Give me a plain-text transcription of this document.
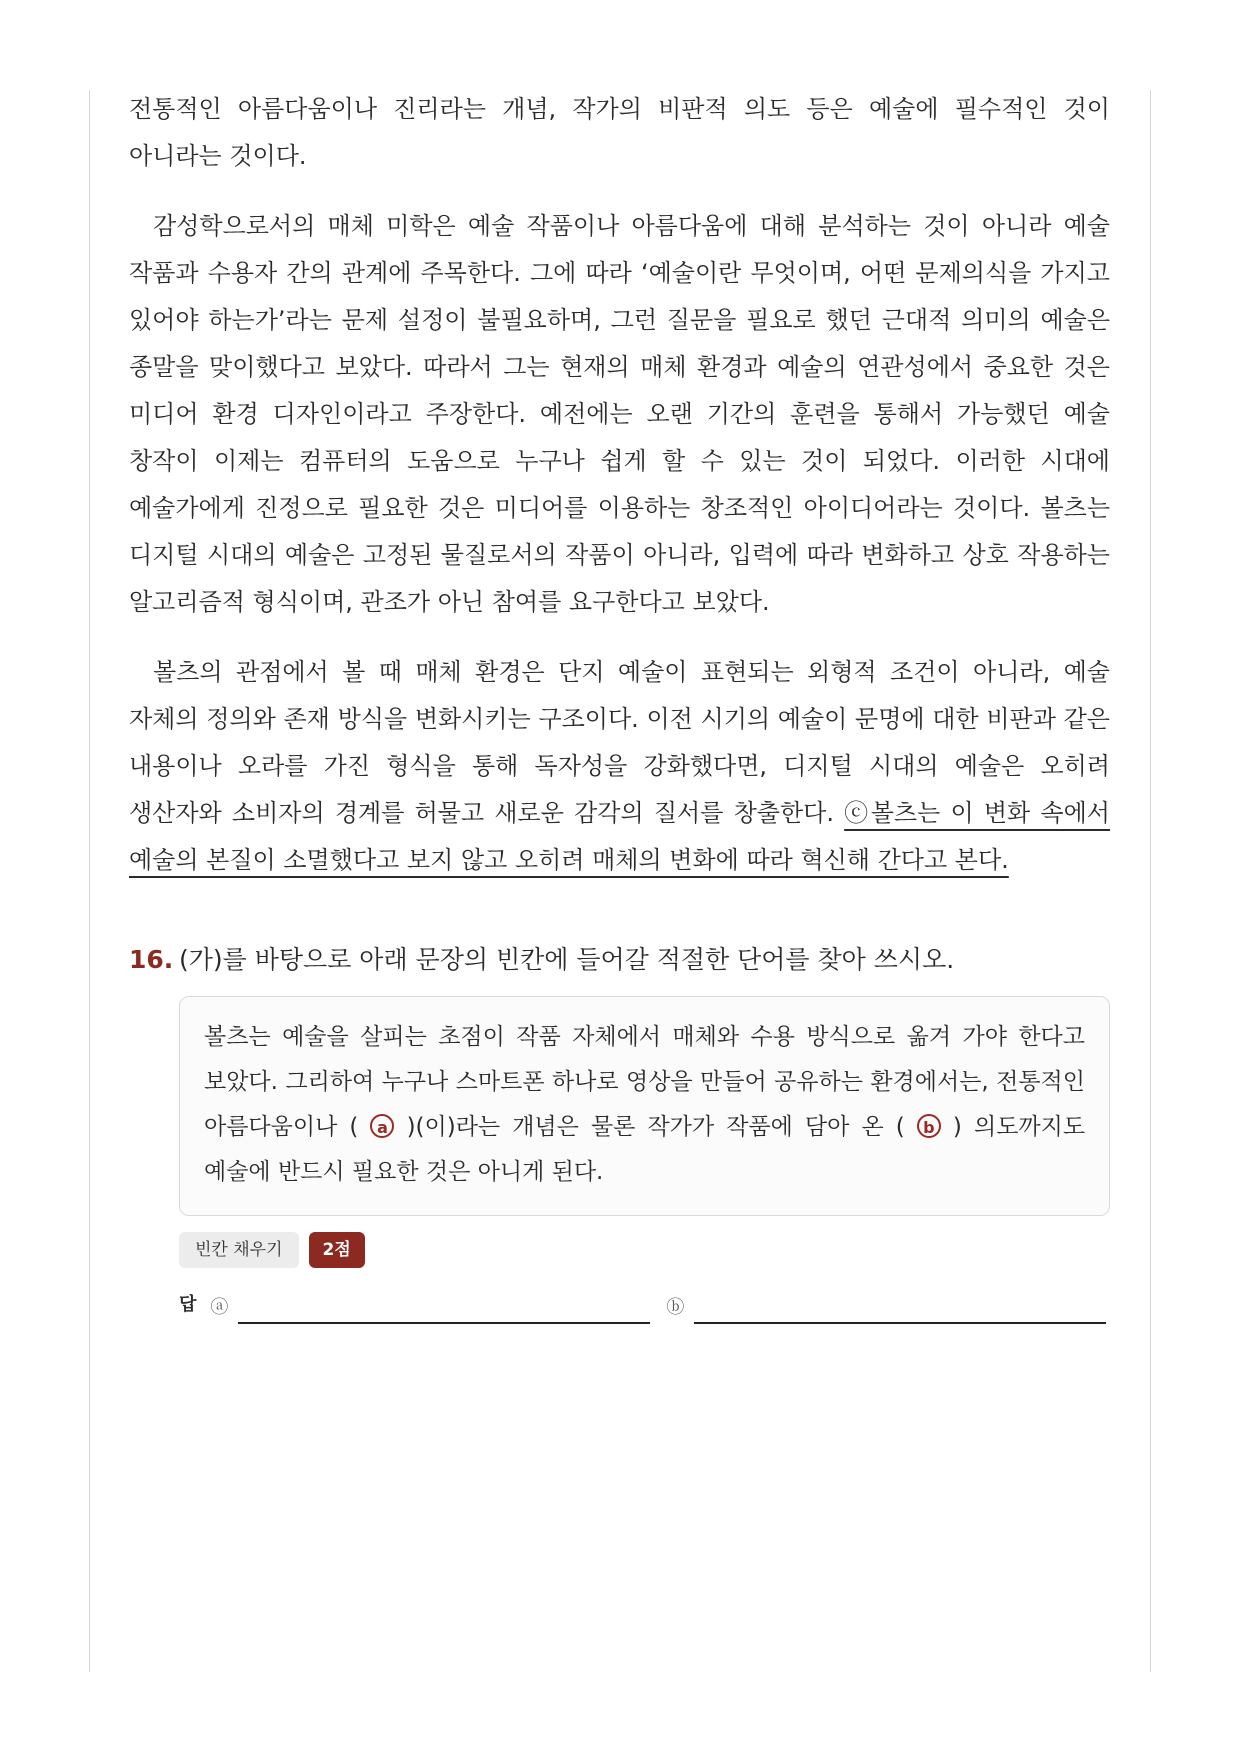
전통적인 아름다움이나 진리라는 개념, 작가의 비판적 의도 등은 예술에 필수적인 것이 아니라는 것이다.

감성학으로서의 매체 미학은 예술 작품이나 아름다움에 대해 분석하는 것이 아니라 예술 작품과 수용자 간의 관계에 주목한다. 그에 따라 ‘예술이란 무엇이며, 어떤 문제의식을 가지고 있어야 하는가’라는 문제 설정이 불필요하며, 그런 질문을 필요로 했던 근대적 의미의 예술은 종말을 맞이했다고 보았다. 따라서 그는 현재의 매체 환경과 예술의 연관성에서 중요한 것은 미디어 환경 디자인이라고 주장한다. 예전에는 오랜 기간의 훈련을 통해서 가능했던 예술 창작이 이제는 컴퓨터의 도움으로 누구나 쉽게 할 수 있는 것이 되었다. 이러한 시대에 예술가에게 진정으로 필요한 것은 미디어를 이용하는 창조적인 아이디어라는 것이다. 볼츠는 디지털 시대의 예술은 고정된 물질로서의 작품이 아니라, 입력에 따라 변화하고 상호 작용하는 알고리즘적 형식이며, 관조가 아닌 참여를 요구한다고 보았다.

볼츠의 관점에서 볼 때 매체 환경은 단지 예술이 표현되는 외형적 조건이 아니라, 예술 자체의 정의와 존재 방식을 변화시키는 구조이다. 이전 시기의 예술이 문명에 대한 비판과 같은 내용이나 오라를 가진 형식을 통해 독자성을 강화했다면, 디지털 시대의 예술은 오히려 생산자와 소비자의 경계를 허물고 새로운 감각의 질서를 창출한다. ⓒ볼츠는 이 변화 속에서 예술의 본질이 소멸했다고 보지 않고 오히려 매체의 변화에 따라 혁신해 간다고 본다.

16. (가)를 바탕으로 아래 문장의 빈칸에 들어갈 적절한 단어를 찾아 쓰시오.

볼츠는 예술을 살피는 초점이 작품 자체에서 매체와 수용 방식으로 옮겨 가야 한다고 보았다. 그리하여 누구나 스마트폰 하나로 영상을 만들어 공유하는 환경에서는, 전통적인 아름다움이나 ( a )(이)라는 개념은 물론 작가가 작품에 담아 온 ( b ) 의도까지도 예술에 반드시 필요한 것은 아니게 된다.

빈칸 채우기	2점
답 ⓐ	ⓑ
